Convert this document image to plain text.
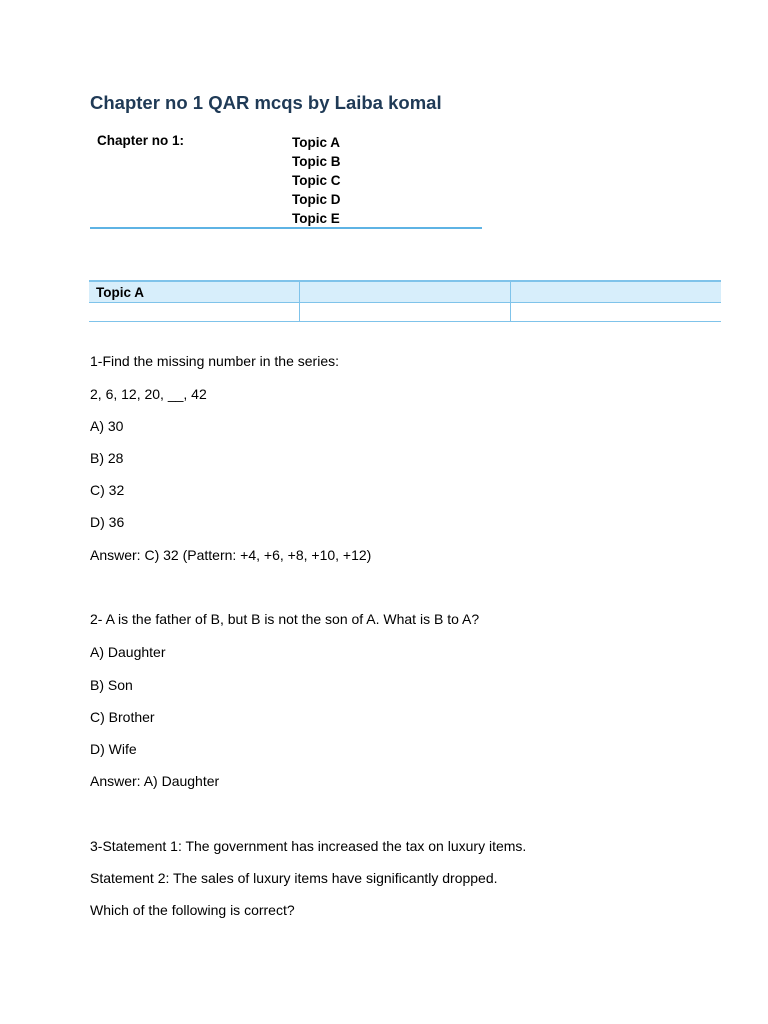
Chapter no 1 QAR mcqs by Laiba komal
Chapter no 1:	Topic A
Topic B
Topic C
Topic D
Topic E
Topic A		

1-Find the missing number in the series:
2, 6, 12, 20, __, 42
A) 30
B) 28
C) 32
D) 36
Answer: C) 32 (Pattern: +4, +6, +8, +10, +12)
2- A is the father of B, but B is not the son of A. What is B to A?
A) Daughter
B) Son
C) Brother
D) Wife
Answer: A) Daughter
3-Statement 1: The government has increased the tax on luxury items.
Statement 2: The sales of luxury items have significantly dropped.
Which of the following is correct?
